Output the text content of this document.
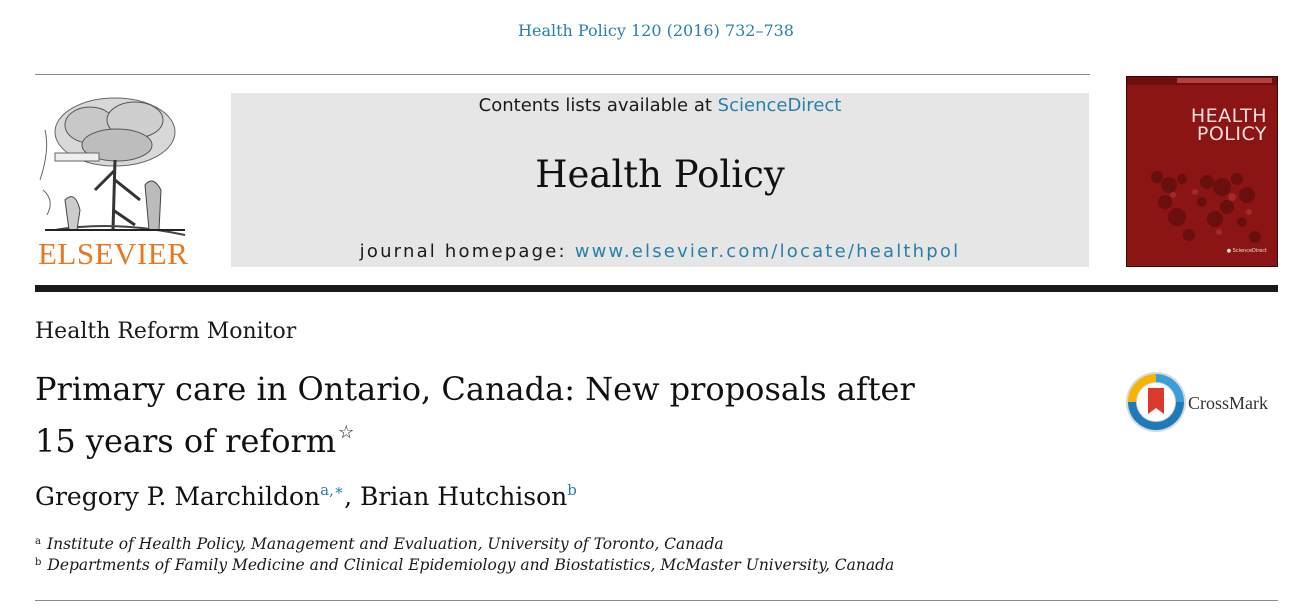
Health Policy 120 (2016) 732–738
ELSEVIER
Contents lists available at ScienceDirect
Health Policy
journal homepage: www.elsevier.com/locate/healthpol
HEALTH
POLICY
● ScienceDirect
Health Reform Monitor
Primary care in Ontario, Canada: New proposals after
15 years of reform ☆
CrossMark
Gregory P. Marchildon$^{a,∗}$, Brian Hutchison$^b$
$^a$ Institute of Health Policy, Management and Evaluation, University of Toronto, Canada
$^b$ Departments of Family Medicine and Clinical Epidemiology and Biostatistics, McMaster University, Canada
